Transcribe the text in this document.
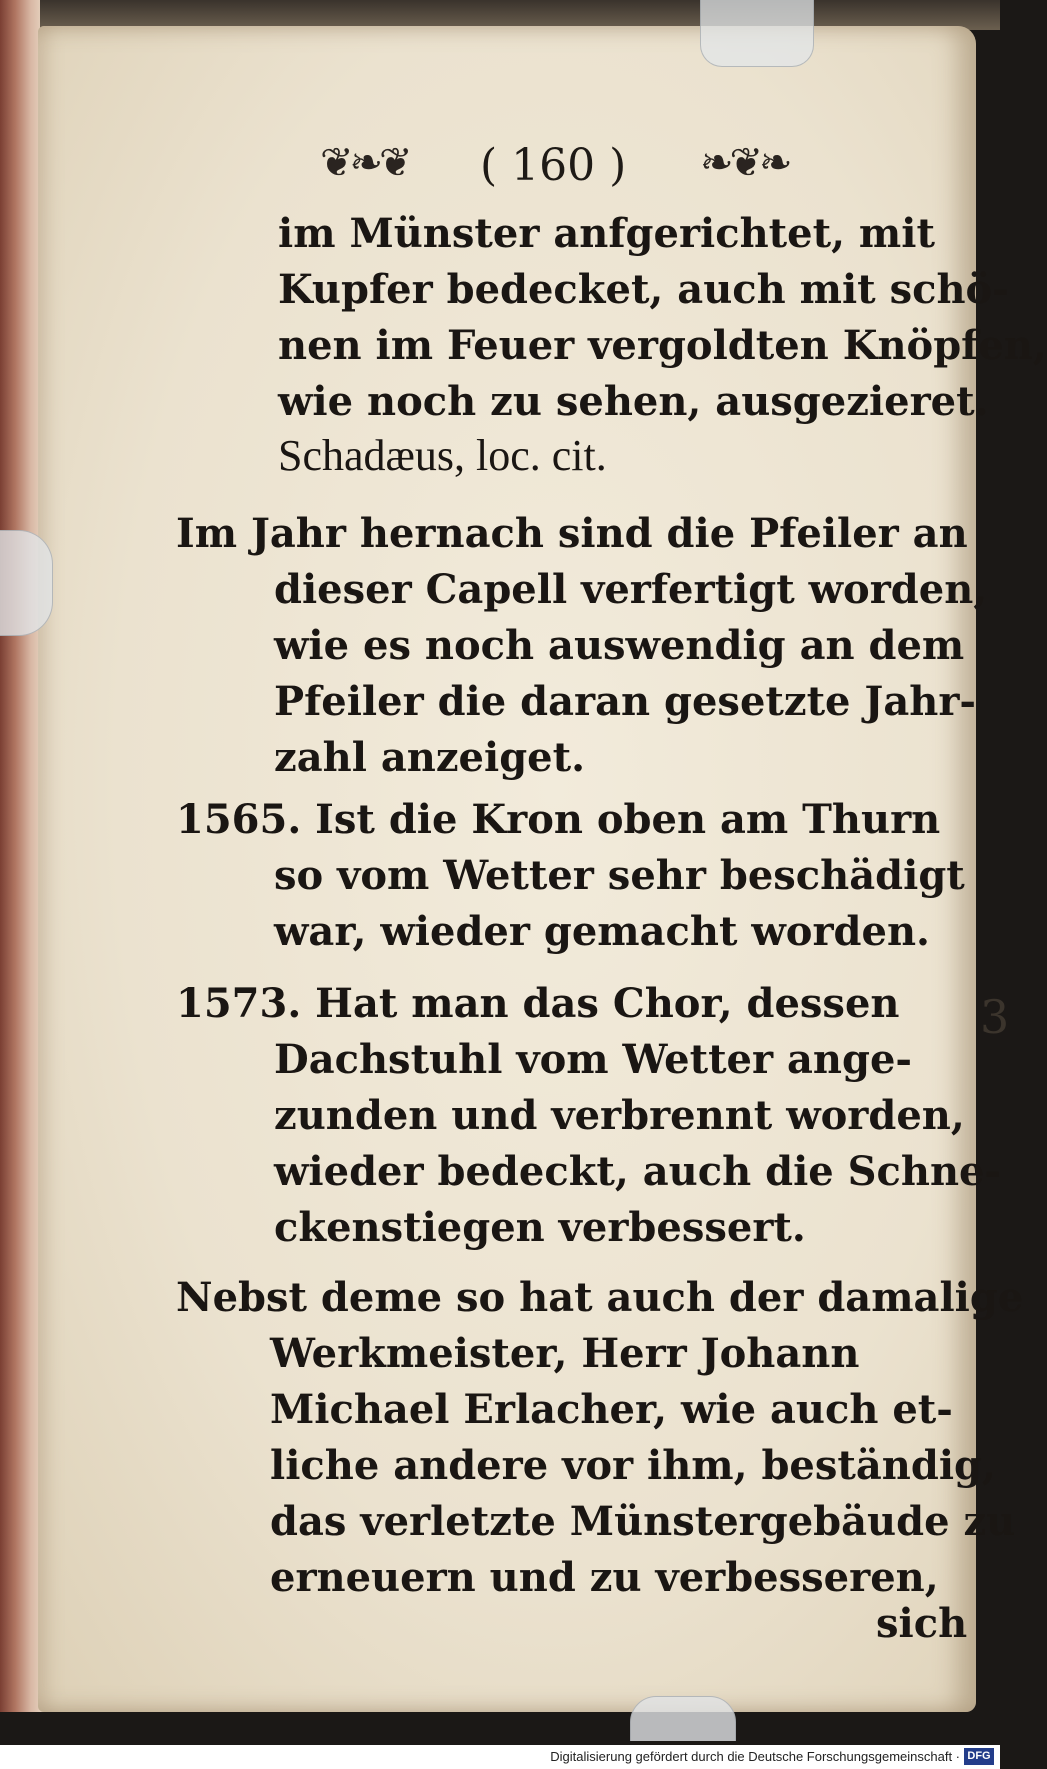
❦❧❦ ( 160 ) ❧❦❧
im Münster anfgerichtet, mit
Kupfer bedecket, auch mit schö-
nen im Feuer vergoldten Knöpfen,
wie noch zu sehen, ausgezieret.
Schadæus, loc. cit.
Im Jahr hernach sind die Pfeiler an
dieser Capell verfertigt worden,
wie es noch auswendig an dem
Pfeiler die daran gesetzte Jahr-
zahl anzeiget.
1565. Ist die Kron oben am Thurn
so vom Wetter sehr beschädigt
war, wieder gemacht worden.
1573. Hat man das Chor, dessen
Dachstuhl vom Wetter ange-
zunden und verbrennt worden,
wieder bedeckt, auch die Schne-
ckenstiegen verbessert.
Nebst deme so hat auch der damalige
Werkmeister, Herr Johann
Michael Erlacher, wie auch et-
liche andere vor ihm, beständig,
das verletzte Münstergebäude zu
erneuern und zu verbesseren,
sich
3
Digitalisierung gefördert durch die Deutsche Forschungsgemeinschaft · DFG
